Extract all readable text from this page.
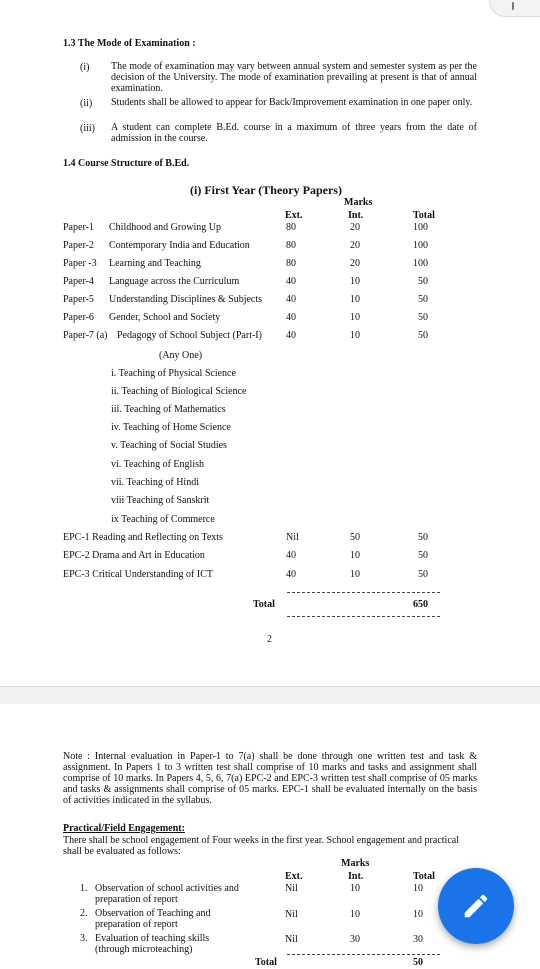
1.3 The Mode of Examination :
(i) The mode of examination may vary between annual system and semester system as per the decision of the University. The mode of examination prevailing at present is that of annual examination.
(ii) Students shall be allowed to appear for Back/Improvement examination in one paper only.
(iii) A student can complete B.Ed. course in a maximum of three years from the date of admission in the course.
1.4 Course Structure of B.Ed.
(i) First Year (Theory Papers)
Marks
Ext.	Int.	Total
Paper-1 Childhood and Growing Up	80	20	100
Paper-2 Contemporary India and Education	80	20	100
Paper -3 Learning and Teaching	80	20	100
Paper-4 Language across the Curriculum	40	10	50
Paper-5 Understanding Disciplines & Subjects 40	10	50
Paper-6 Gender, School and Society	40	10	50
Paper-7 (a) Pedagogy of School Subject (Part-I) 40	10	50
(Any One)
i. Teaching of Physical Science
ii. Teaching of Biological Science
iii. Teaching of Mathematics
iv. Teaching of Home Science
v. Teaching of Social Studies
vi. Teaching of English
vii. Teaching of Hindi
viii Teaching of Sanskrit
ix Teaching of Commerce
EPC-1 Reading and Reflecting on Texts	Nil	50	50
EPC-2 Drama and Art in Education	40	10	50
EPC-3 Critical Understanding of ICT	40	10	50
Total	650
2
Note : Internal evaluation in Paper-1 to 7(a) shall be done through one written test and task & assignment. In Papers 1 to 3 written test shall comprise of 10 marks and tasks and assignment shall comprise of 10 marks. In Papers 4, 5, 6, 7(a) EPC-2 and EPC-3 written test shall comprise of 05 marks and tasks & assignments shall comprise of 05 marks. EPC-1 shall be evaluated internally on the basis of activities indicated in the syllabus.
Practical/Field Engagement:
There shall be school engagement of Four weeks in the first year. School engagement and practical shall be evaluated as follows:
Marks
Ext.	Int.	Total
1. Observation of school activities and preparation of report
Nil	10	10
2. Observation of Teaching and preparation of report
Nil	10	10
3. Evaluation of teaching skills (through microteaching)
Nil	30	30
Total	50
